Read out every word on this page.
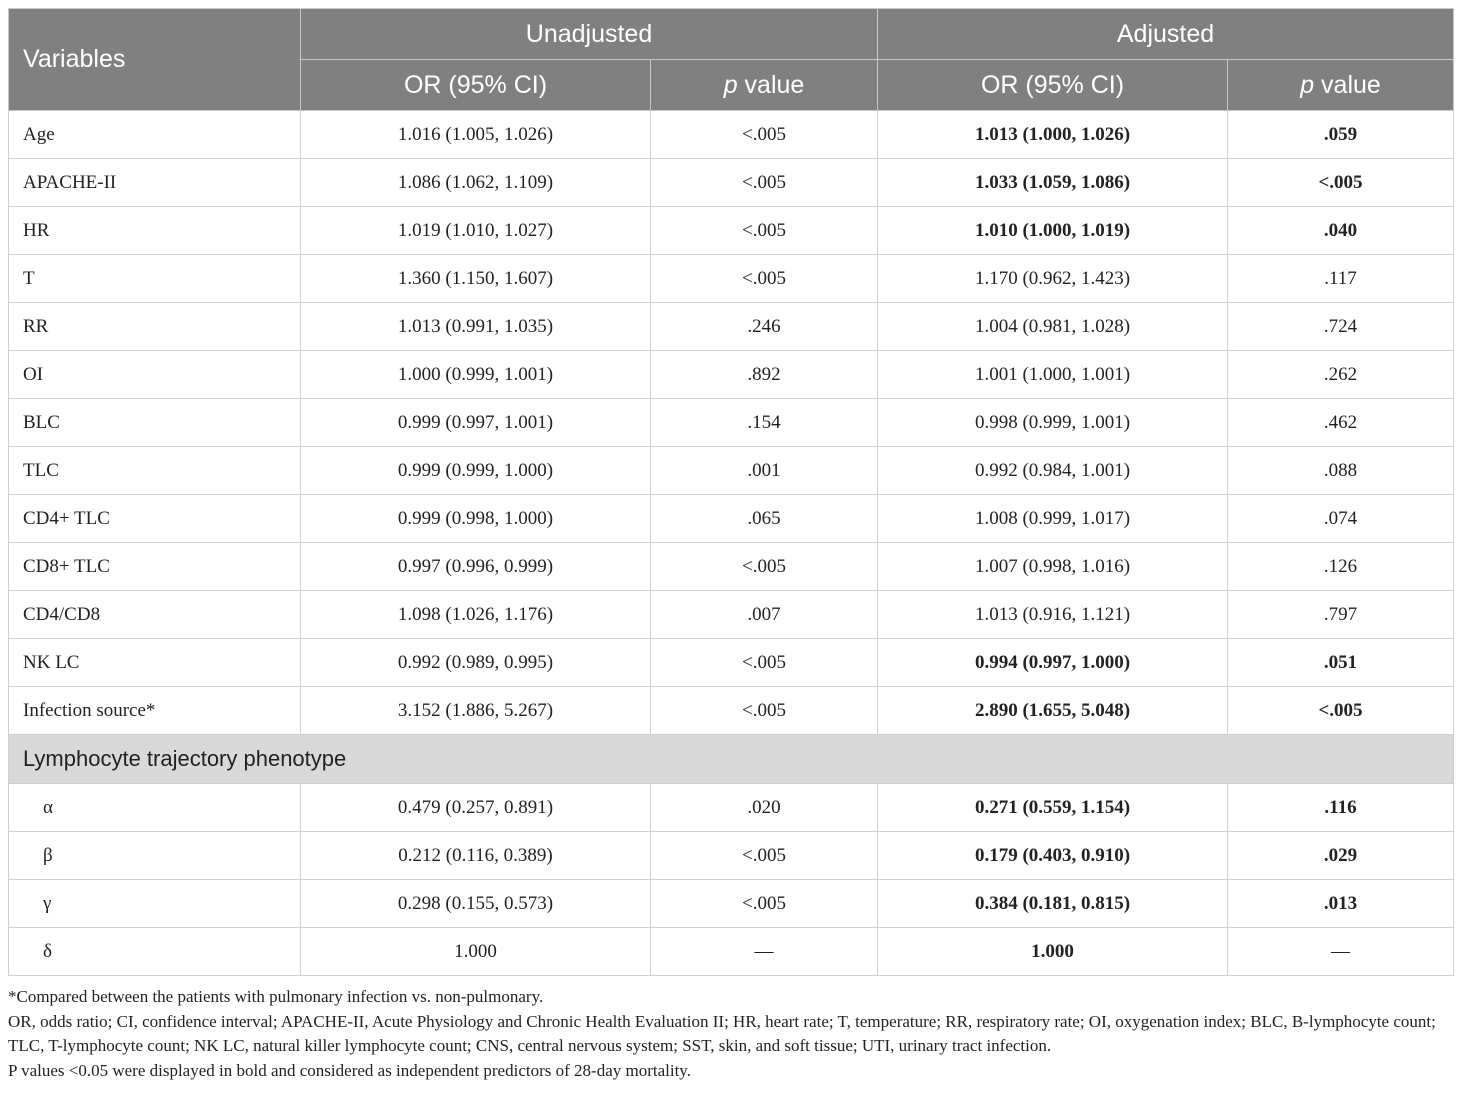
Variables	Unadjusted		Adjusted	
	OR (95% CI)	p value	OR (95% CI)	p value
Age	1.016 (1.005, 1.026)	<.005	1.013 (1.000, 1.026)	.059
APACHE-II	1.086 (1.062, 1.109)	<.005	1.033 (1.059, 1.086)	<.005
HR	1.019 (1.010, 1.027)	<.005	1.010 (1.000, 1.019)	.040
T	1.360 (1.150, 1.607)	<.005	1.170 (0.962, 1.423)	.117
RR	1.013 (0.991, 1.035)	.246	1.004 (0.981, 1.028)	.724
OI	1.000 (0.999, 1.001)	.892	1.001 (1.000, 1.001)	.262
BLC	0.999 (0.997, 1.001)	.154	0.998 (0.999, 1.001)	.462
TLC	0.999 (0.999, 1.000)	.001	0.992 (0.984, 1.001)	.088
CD4+ TLC	0.999 (0.998, 1.000)	.065	1.008 (0.999, 1.017)	.074
CD8+ TLC	0.997 (0.996, 0.999)	<.005	1.007 (0.998, 1.016)	.126
CD4/CD8	1.098 (1.026, 1.176)	.007	1.013 (0.916, 1.121)	.797
NK LC	0.992 (0.989, 0.995)	<.005	0.994 (0.997, 1.000)	.051
Infection source*	3.152 (1.886, 5.267)	<.005	2.890 (1.655, 5.048)	<.005
Lymphocyte trajectory phenotype				
α	0.479 (0.257, 0.891)	.020	0.271 (0.559, 1.154)	.116
β	0.212 (0.116, 0.389)	<.005	0.179 (0.403, 0.910)	.029
γ	0.298 (0.155, 0.573)	<.005	0.384 (0.181, 0.815)	.013
δ	1.000	—	1.000	—

*Compared between the patients with pulmonary infection vs. non-pulmonary.

OR, odds ratio; CI, confidence interval; APACHE-II, Acute Physiology and Chronic Health Evaluation II; HR, heart rate; T, temperature; RR, respiratory rate; OI, oxygenation index; BLC, B-lymphocyte count; TLC, T-lymphocyte count; NK LC, natural killer lymphocyte count; CNS, central nervous system; SST, skin, and soft tissue; UTI, urinary tract infection.

P values <0.05 were displayed in bold and considered as independent predictors of 28-day mortality.
